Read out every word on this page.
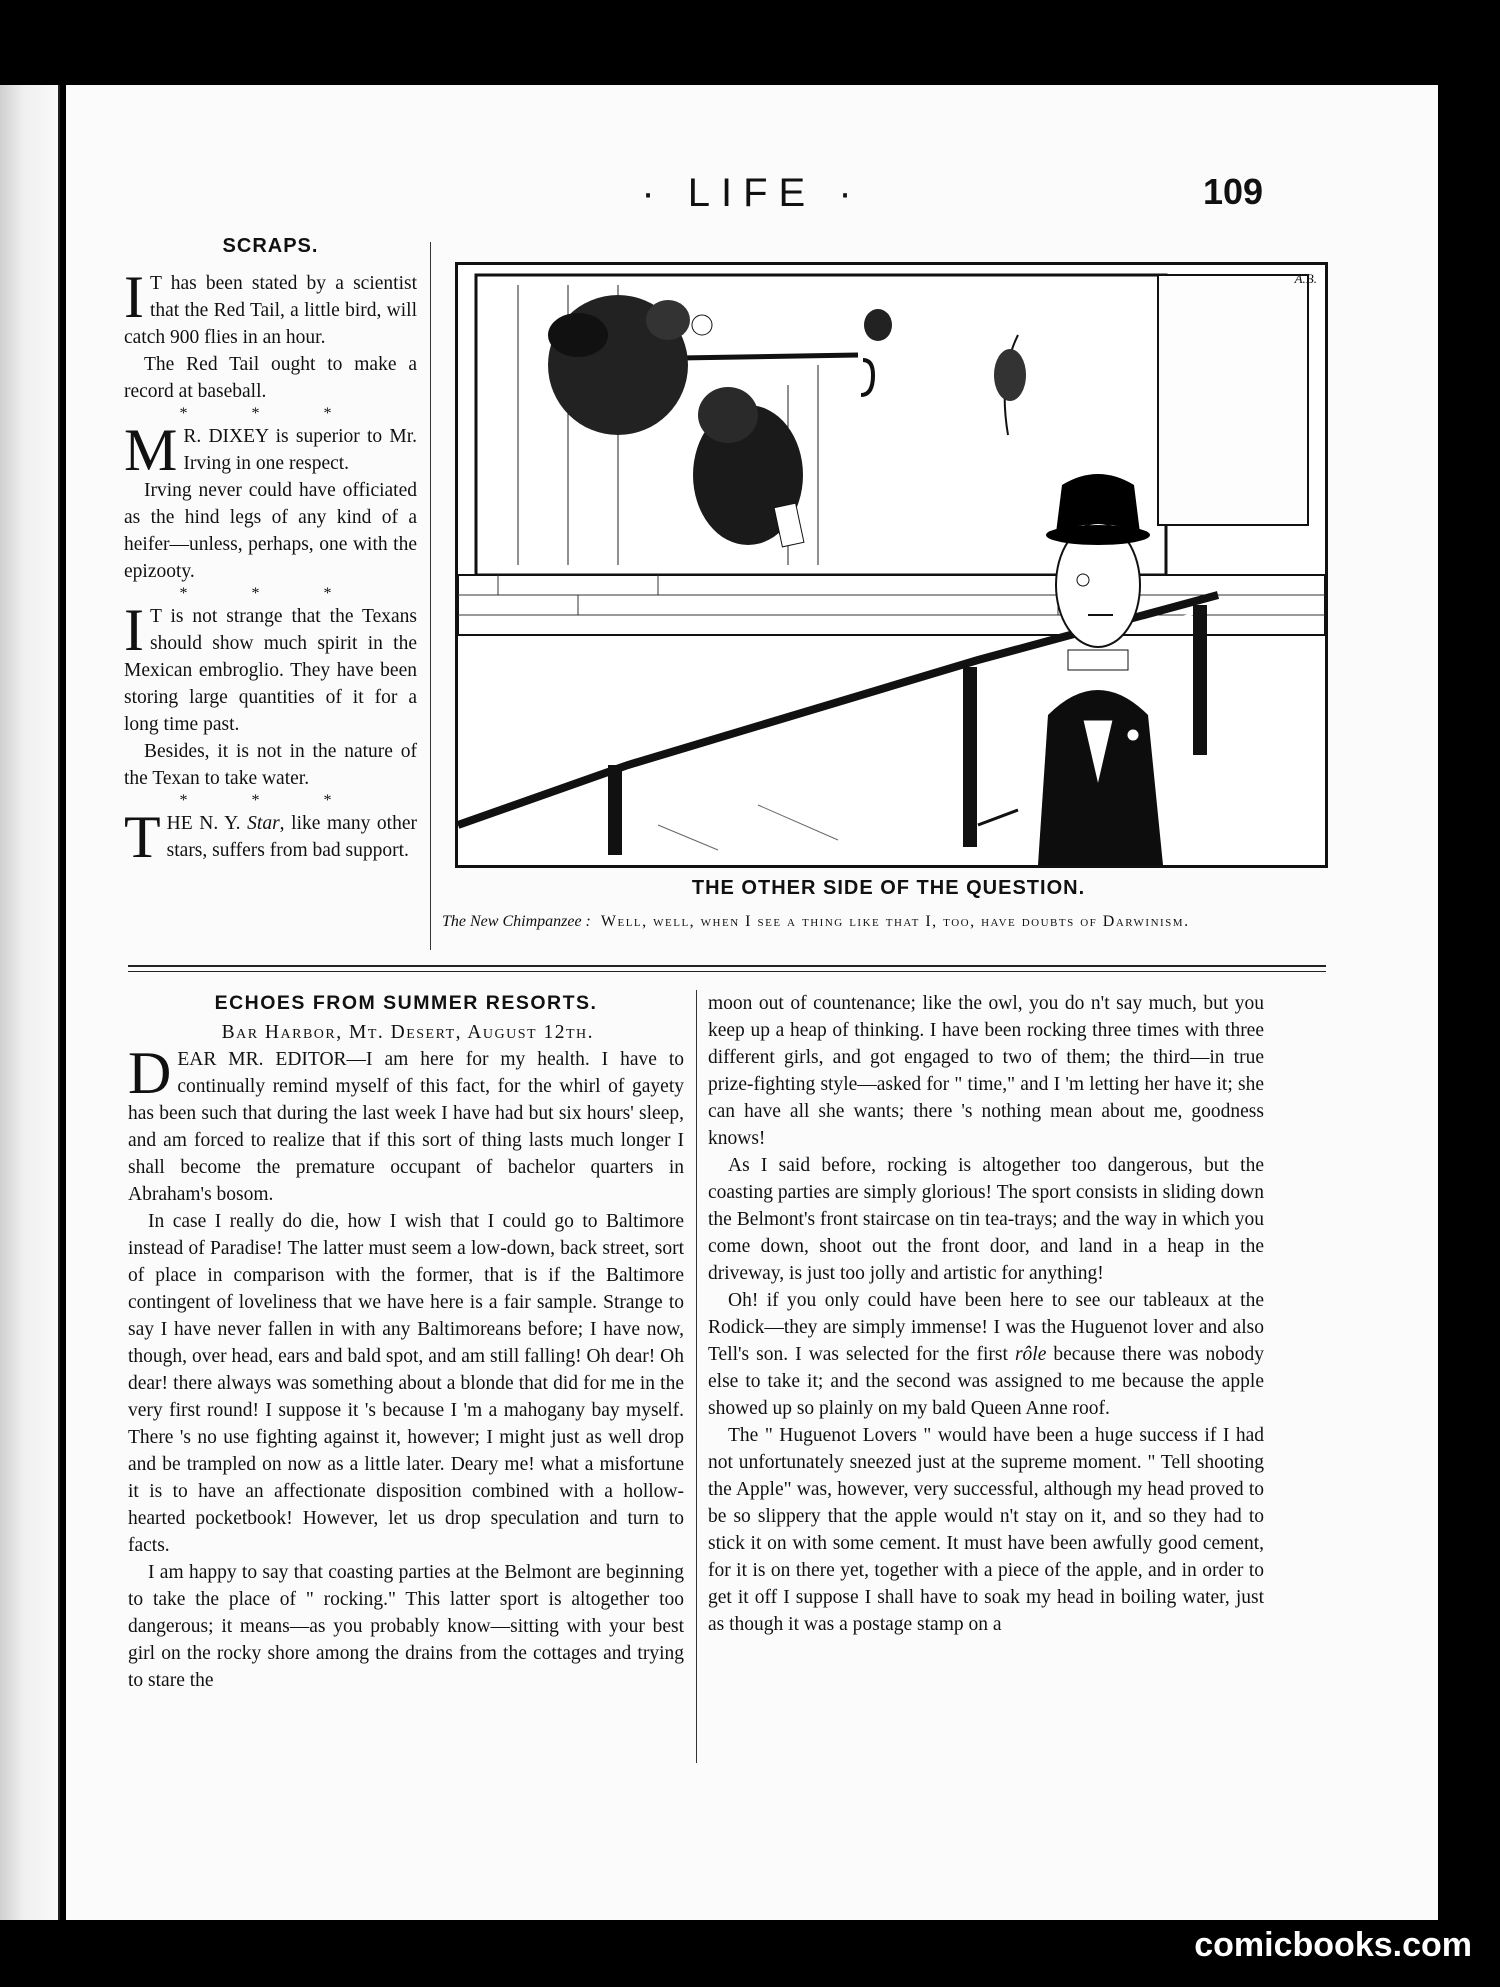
· LIFE ·	109
SCRAPS.

I T has been stated by a scientist that the Red Tail, a little bird, will catch 900 flies in an hour.

The Red Tail ought to make a record at baseball.

* * *

M R. DIXEY is superior to Mr. Irving in one respect.

Irving never could have officiated as the hind legs of any kind of a heifer—unless, perhaps, one with the epizooty.

* * *

I T is not strange that the Texans should show much spirit in the Mexican embroglio. They have been storing large quantities of it for a long time past.

Besides, it is not in the nature of the Texan to take water.

* * *

THE N. Y. Star, like many other stars, suffers from bad support.

A.B.
THE OTHER SIDE OF THE QUESTION.
The New Chimpanzee : Well, well, when I see a thing like that I, too, have doubts of Darwinism.
ECHOES FROM SUMMER RESORTS.

Bar Harbor, Mt. Desert, August 12th.

DEAR MR. EDITOR—I am here for my health. I have to continually remind myself of this fact, for the whirl of gayety has been such that during the last week I have had but six hours' sleep, and am forced to realize that if this sort of thing lasts much longer I shall become the premature occupant of bachelor quarters in Abraham's bosom.

In case I really do die, how I wish that I could go to Baltimore instead of Paradise! The latter must seem a low-down, back street, sort of place in comparison with the former, that is if the Baltimore contingent of loveliness that we have here is a fair sample. Strange to say I have never fallen in with any Baltimoreans before; I have now, though, over head, ears and bald spot, and am still falling! Oh dear! Oh dear! there always was something about a blonde that did for me in the very first round! I suppose it 's because I 'm a mahogany bay myself. There 's no use fighting against it, however; I might just as well drop and be trampled on now as a little later. Deary me! what a misfortune it is to have an affectionate disposition combined with a hollow-hearted pocketbook! However, let us drop speculation and turn to facts.

I am happy to say that coasting parties at the Belmont are beginning to take the place of " rocking." This latter sport is altogether too dangerous; it means—as you probably know—sitting with your best girl on the rocky shore among the drains from the cottages and trying to stare the

moon out of countenance; like the owl, you do n't say much, but you keep up a heap of thinking. I have been rocking three times with three different girls, and got engaged to two of them; the third—in true prize-fighting style—asked for " time," and I 'm letting her have it; she can have all she wants; there 's nothing mean about me, goodness knows!

As I said before, rocking is altogether too dangerous, but the coasting parties are simply glorious! The sport consists in sliding down the Belmont's front staircase on tin tea-trays; and the way in which you come down, shoot out the front door, and land in a heap in the driveway, is just too jolly and artistic for anything!

Oh! if you only could have been here to see our tableaux at the Rodick—they are simply immense! I was the Huguenot lover and also Tell's son. I was selected for the first rôle because there was nobody else to take it; and the second was assigned to me because the apple showed up so plainly on my bald Queen Anne roof.

The " Huguenot Lovers " would have been a huge success if I had not unfortunately sneezed just at the supreme moment. " Tell shooting the Apple" was, however, very successful, although my head proved to be so slippery that the apple would n't stay on it, and so they had to stick it on with some cement. It must have been awfully good cement, for it is on there yet, together with a piece of the apple, and in order to get it off I suppose I shall have to soak my head in boiling water, just as though it was a postage stamp on a

comicbooks.com
